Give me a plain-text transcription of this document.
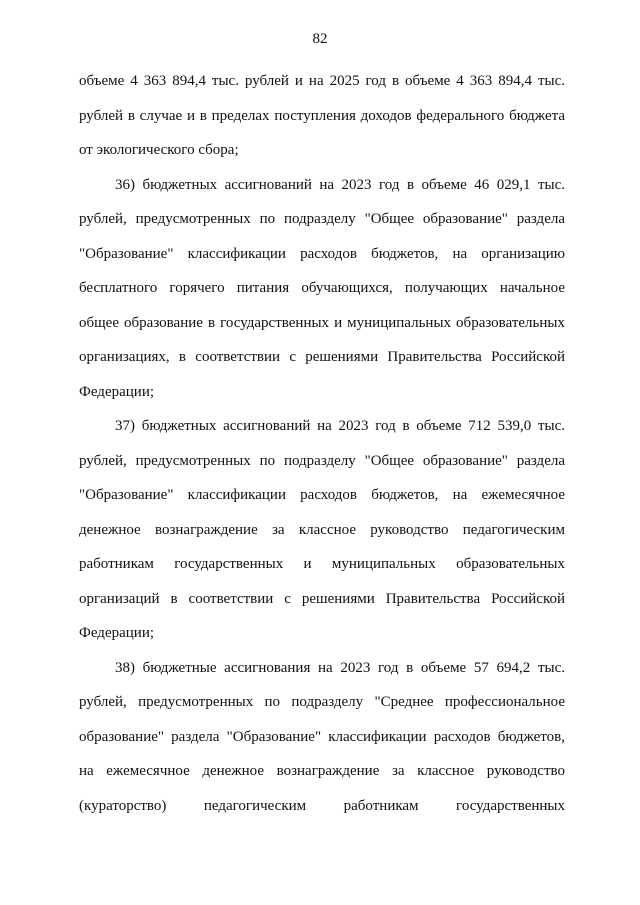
82
объеме 4 363 894,4 тыс. рублей и на 2025 год в объеме 4 363 894,4 тыс.
рублей в случае и в пределах поступления доходов федерального бюджета
от экологического сбора;
36) бюджетных ассигнований на 2023 год в объеме 46 029,1 тыс.
рублей, предусмотренных по подразделу "Общее образование" раздела
"Образование" классификации расходов бюджетов, на организацию
бесплатного горячего питания обучающихся, получающих начальное
общее образование в государственных и муниципальных образовательных
организациях, в соответствии с решениями Правительства Российской
Федерации;
37) бюджетных ассигнований на 2023 год в объеме 712 539,0 тыс.
рублей, предусмотренных по подразделу "Общее образование" раздела
"Образование" классификации расходов бюджетов, на ежемесячное
денежное вознаграждение за классное руководство педагогическим
работникам государственных и муниципальных образовательных
организаций в соответствии с решениями Правительства Российской
Федерации;
38) бюджетные ассигнования на 2023 год в объеме 57 694,2 тыс.
рублей, предусмотренных по подразделу "Среднее профессиональное
образование" раздела "Образование" классификации расходов бюджетов,
на ежемесячное денежное вознаграждение за классное руководство
(кураторство) педагогическим работникам государственных
